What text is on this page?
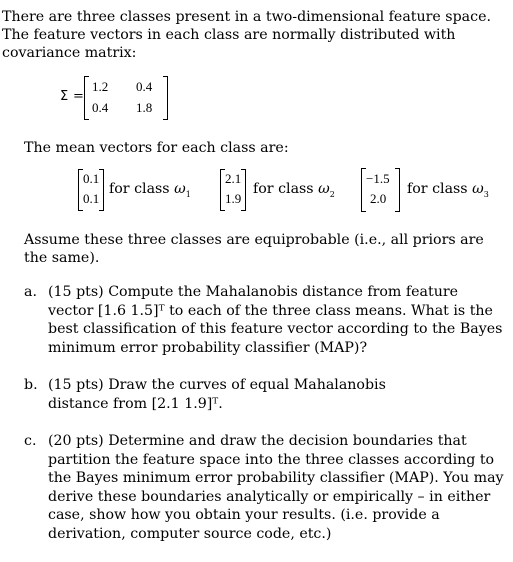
There are three classes present in a two-dimensional feature space. The feature vectors in each class are normally distributed with covariance matrix:

Σ =
1.2 0.4
0.4 1.8

The mean vectors for each class are:

0.1
0.1
for class $\omega_1$
2.1
1.9
for class $\omega_2$
−1.5
2.0
for class $\omega_3$

Assume these three classes are equiprobable (i.e., all priors are the same).

a. (15 pts) Compute the Mahalanobis distance from feature vector [1.6 1.5]ᵀ to each of the three class means. What is the best classification of this feature vector according to the Bayes minimum error probability classifier (MAP)?
b. (15 pts) Draw the curves of equal Mahalanobis distance from [2.1 1.9]ᵀ.
c. (20 pts) Determine and draw the decision boundaries that partition the feature space into the three classes according to the Bayes minimum error probability classifier (MAP). You may derive these boundaries analytically or empirically – in either case, show how you obtain your results. (i.e. provide a derivation, computer source code, etc.)
